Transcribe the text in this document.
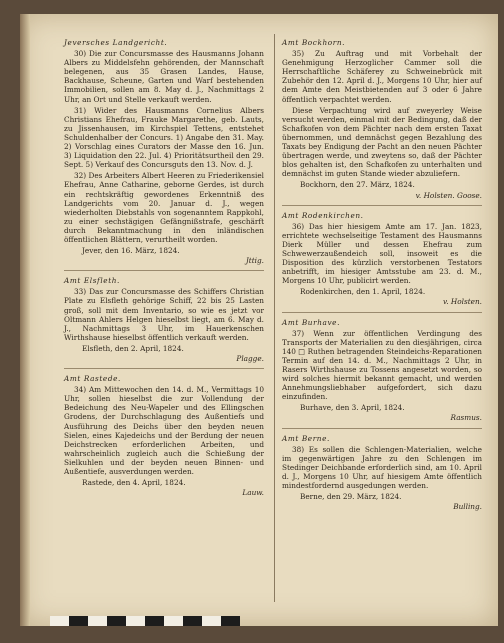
Jeversches Landgericht.

30) Die zur Concursmasse des Hausmanns Johann Albers zu Middelsfehn gehörenden, der Mannschaft belegenen, aus 35 Grasen Landes, Hause, Backhause, Scheune, Garten und Warf bestehenden Immobilien, sollen am 8. May d. J., Nachmittags 2 Uhr, an Ort und Stelle verkauft werden.

31) Wider des Hausmanns Cornelius Albers Christians Ehefrau, Frauke Margarethe, geb. Lauts, zu Jissenhausen, im Kirchspiel Tettens, entstehet Schuldenhalber der Concurs. 1) Angabe den 31. May. 2) Vorschlag eines Curators der Masse den 16. Jun. 3) Liquidation den 22. Jul. 4) Prioritätsurtheil den 29. Sept. 5) Verkauf des Concursguts den 13. Nov. d. J.

32) Des Arbeiters Albert Heeren zu Friederikensiel Ehefrau, Anne Catharine, geborne Gerdes, ist durch ein rechtskräftig gewordenes Erkenntniß des Landgerichts vom 20. Januar d. J., wegen wiederholten Diebstahls von sogenanntem Rappkohl, zu einer sechstägigen Gefängnißstrafe, geschärft durch Bekanntmachung in den inländischen öffentlichen Blättern, verurtheilt worden.

Jever, den 16. März, 1824.
Jttig.
Amt Elsfleth.

33) Das zur Concursmasse des Schiffers Christian Plate zu Elsfleth gehörige Schiff, 22 bis 25 Lasten groß, soll mit dem Inventario, so wie es jetzt vor Oltmann Ahlers Helgen hieselbst liegt, am 6. May d. J., Nachmittags 3 Uhr, im Hauerkenschen Wirthshause hieselbst öffentlich verkauft werden.

Elsfleth, den 2. April, 1824.
Plagge.
Amt Rastede.

34) Am Mittewochen den 14. d. M., Vermittags 10 Uhr, sollen hieselbst die zur Vollendung der Bedeichung des Neu-Wapeler und des Ellingschen Grodens, der Durchschlagung des Außentiefs und Ausführung des Deichs über den beyden neuen Sielen, eines Kajedeichs und der Berdung der neuen Deichstrecken erforderlichen Arbeiten, und wahrscheinlich zugleich auch die Schießung der Sielkuhlen und der beyden neuen Binnen- und Außentiefe, ausverdungen werden.

Rastede, den 4. April, 1824.
Lauw.
Amt Bockhorn.

35) Zu Auftrag und mit Vorbehalt der Genehmigung Herzoglicher Cammer soll die Herrschaftliche Schäferey zu Schweinebrück mit Zubehör den 12. April d. J., Morgens 10 Uhr, hier auf dem Amte den Meistbietenden auf 3 oder 6 Jahre öffentlich verpachtet werden.

Diese Verpachtung wird auf zweyerley Weise versucht werden, einmal mit der Bedingung, daß der Schafkofen von dem Pächter nach dem ersten Taxat übernommen, und demnächst gegen Bezahlung des Taxats bey Endigung der Pacht an den neuen Pächter übertragen werde, und zweytens so, daß der Pächter blos gehalten ist, den Schafkofen zu unterhalten und demnächst im guten Stande wieder abzuliefern.

Bockhorn, den 27. März, 1824.
v. Holsten. Goose.
Amt Rodenkirchen.

36) Das hier hiesigem Amte am 17. Jan. 1823, errichtete wechselseitige Testament des Hausmanns Dierk Müller und dessen Ehefrau zum Schwewerzaußendeich soll, insoweit es die Disposition des kürzlich verstorbenen Testators anbetrifft, im hiesiger Amtsstube am 23. d. M., Morgens 10 Uhr, publicirt werden.

Rodenkirchen, den 1. April, 1824.
v. Holsten.
Amt Burhave.

37) Wenn zur öffentlichen Verdingung des Transports der Materialien zu den diesjährigen, circa 140 □ Ruthen betragenden Steindeichs-Reparationen Termin auf den 14. d. M., Nachmittags 2 Uhr, in Rasers Wirthshause zu Tossens angesetzt worden, so wird solches hiermit bekannt gemacht, und werden Annehmungsliebhaber aufgefordert, sich dazu einzufinden.

Burhave, den 3. April, 1824.
Rasmus.
Amt Berne.

38) Es sollen die Schlengen-Materialien, welche im gegenwärtigen Jahre zu den Schlengen im Stedinger Deichbande erforderlich sind, am 10. April d. J., Morgens 10 Uhr, auf hiesigem Amte öffentlich mindestfordernd ausgedungen werden.

Berne, den 29. März, 1824.
Bulling.
